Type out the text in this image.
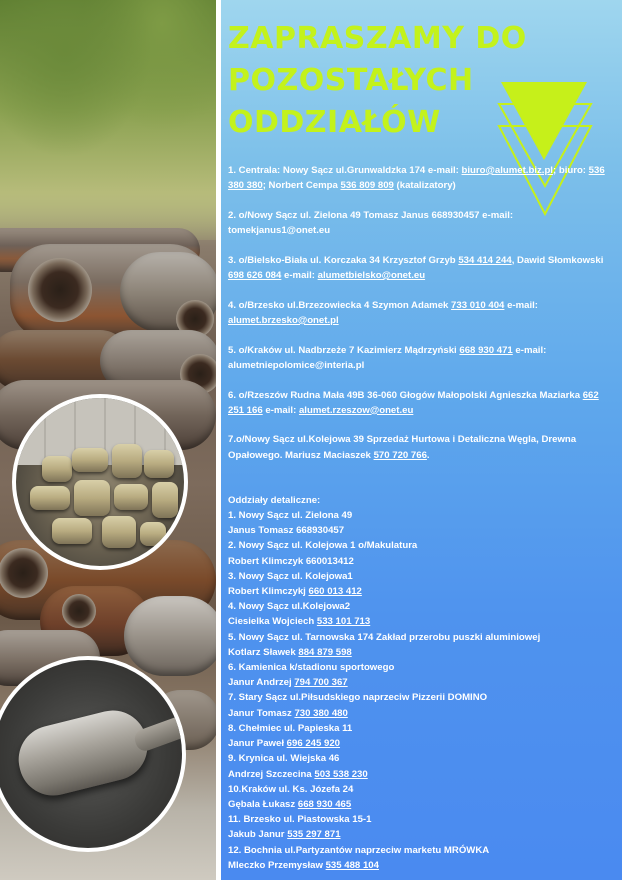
ZAPRASZAMY DO
POZOSTAŁYCH
ODDZIAŁÓW
1. Centrala: Nowy Sącz ul.Grunwaldzka 174 e-mail: biuro@alumet.biz.pl; biuro: 536 380 380; Norbert Cempa 536 809 809 (katalizatory)
2. o/Nowy Sącz ul. Zielona 49 Tomasz Janus 668930457 e-mail: tomekjanus1@onet.eu
3. o/Bielsko-Biała ul. Korczaka 34 Krzysztof Grzyb 534 414 244, Dawid Słomkowski 698 626 084 e-mail: alumetbielsko@onet.eu
4. o/Brzesko ul.Brzezowiecka 4 Szymon Adamek 733 010 404 e-mail: alumet.brzesko@onet.pl
5. o/Kraków ul. Nadbrzeże 7 Kazimierz Mądrzyński 668 930 471 e-mail: alumetniepolomice@interia.pl
6. o/Rzeszów Rudna Mała 49B 36-060 Głogów Małopolski Agnieszka Maziarka 662 251 166 e-mail: alumet.rzeszow@onet.eu
7.o/Nowy Sącz ul.Kolejowa 39 Sprzedaż Hurtowa i Detaliczna Węgla, Drewna Opałowego. Mariusz Maciaszek 570 720 766.
Oddziały detaliczne:
1. Nowy Sącz ul. Zielona 49
Janus Tomasz 668930457
2. Nowy Sącz ul. Kolejowa 1 o/Makulatura
Robert Klimczyk 660013412
3. Nowy Sącz ul. Kolejowa1
Robert Klimczykj 660 013 412
4. Nowy Sącz ul.Kolejowa2
Ciesielka Wojciech 533 101 713
5. Nowy Sącz ul. Tarnowska 174 Zakład przerobu puszki aluminiowej
Kotlarz Sławek 884 879 598
6. Kamienica k/stadionu sportowego
Janur Andrzej 794 700 367
7. Stary Sącz ul.Piłsudskiego naprzeciw Pizzerii DOMINO
Janur Tomasz 730 380 480
8. Chełmiec ul. Papieska 11
Janur Paweł 696 245 920
9. Krynica ul. Wiejska 46
Andrzej Szczecina 503 538 230
10.Kraków ul. Ks. Józefa 24
Gębala Łukasz 668 930 465
11. Brzesko ul. Piastowska 15-1
Jakub Janur 535 297 871
12. Bochnia ul.Partyzantów naprzeciw marketu MRÓWKA
Mleczko Przemysław 535 488 104
